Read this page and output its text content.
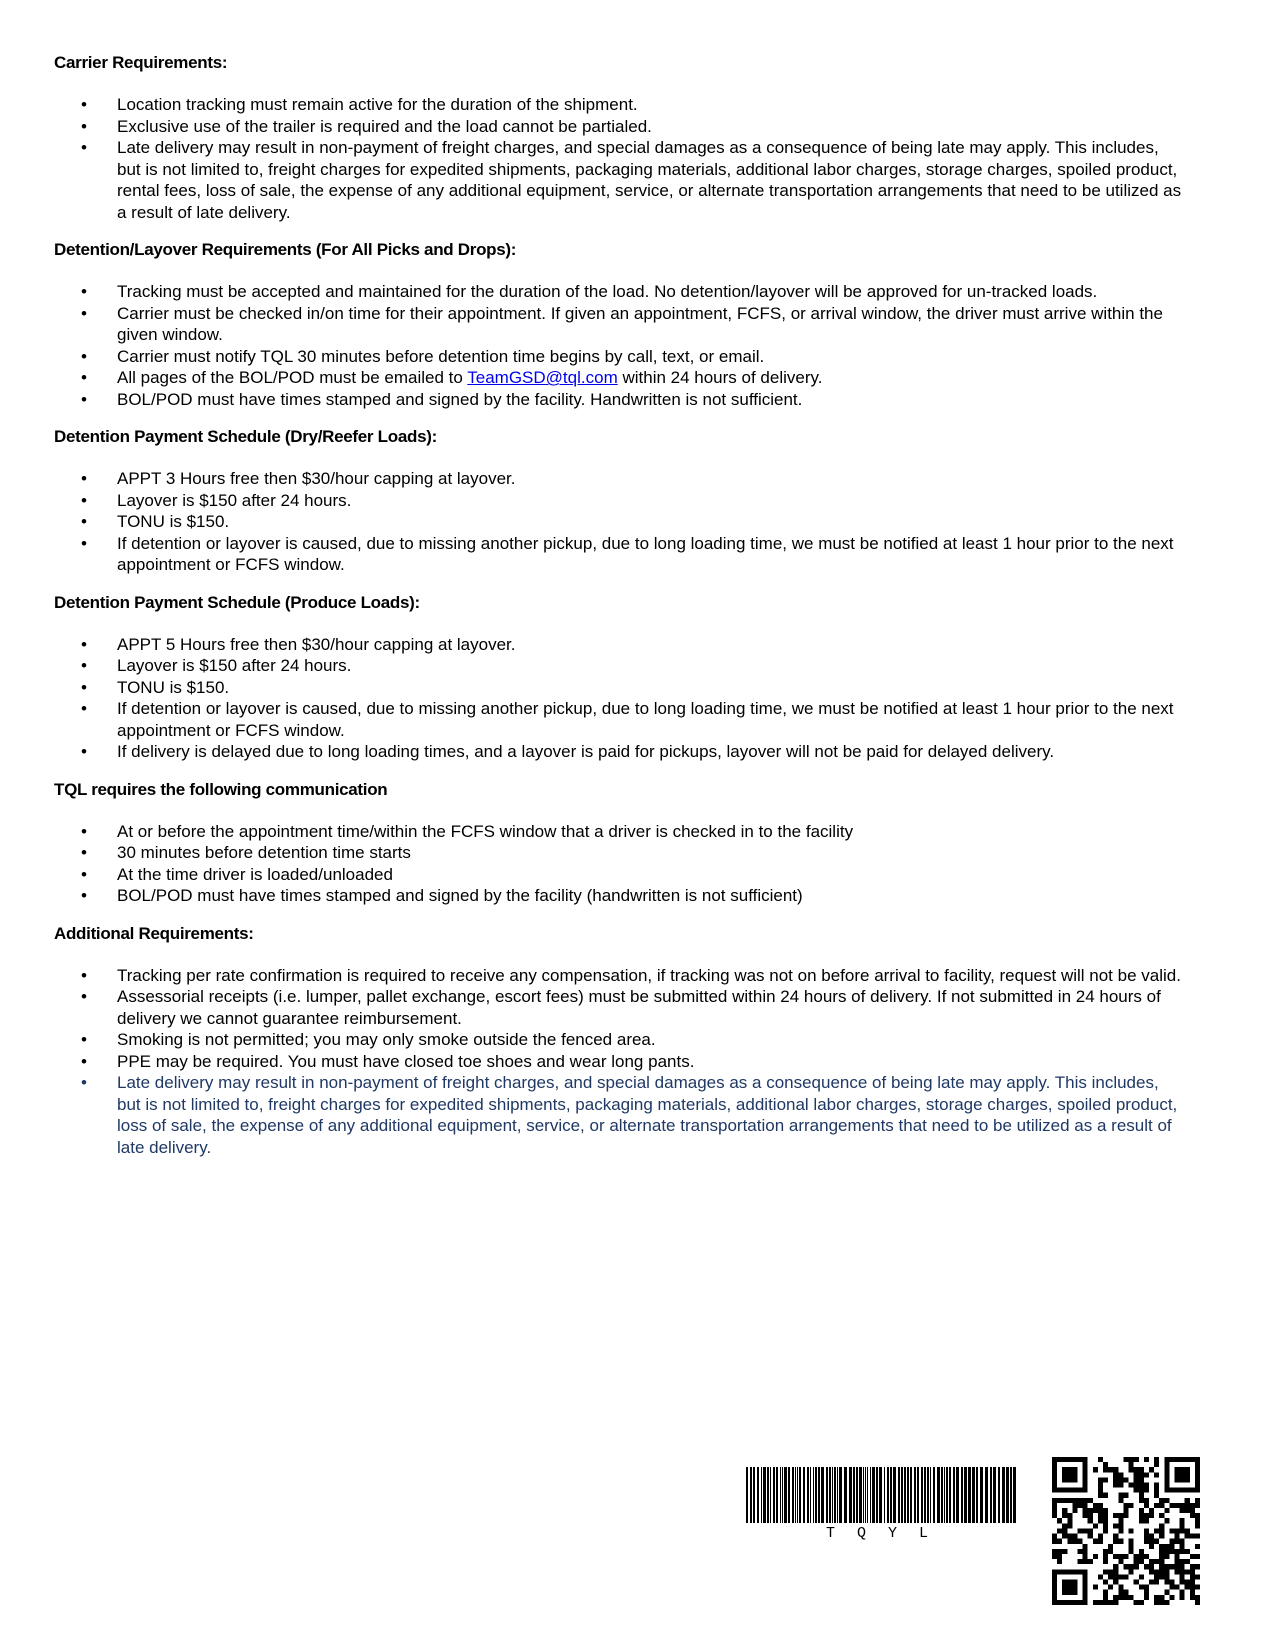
Carrier Requirements:
• Location tracking must remain active for the duration of the shipment.
• Exclusive use of the trailer is required and the load cannot be partialed.
• Late delivery may result in non-payment of freight charges, and special damages as a consequence of being late may apply. This includes, but is not limited to, freight charges for expedited shipments, packaging materials, additional labor charges, storage charges, spoiled product, rental fees, loss of sale, the expense of any additional equipment, service, or alternate transportation arrangements that need to be utilized as a result of late delivery.
Detention/Layover Requirements (For All Picks and Drops):
• Tracking must be accepted and maintained for the duration of the load. No detention/layover will be approved for un-tracked loads.
• Carrier must be checked in/on time for their appointment. If given an appointment, FCFS, or arrival window, the driver must arrive within the given window.
• Carrier must notify TQL 30 minutes before detention time begins by call, text, or email.
• All pages of the BOL/POD must be emailed to TeamGSD@tql.com within 24 hours of delivery.
• BOL/POD must have times stamped and signed by the facility. Handwritten is not sufficient.
Detention Payment Schedule (Dry/Reefer Loads):
• APPT 3 Hours free then $30/hour capping at layover.
• Layover is $150 after 24 hours.
• TONU is $150.
• If detention or layover is caused, due to missing another pickup, due to long loading time, we must be notified at least 1 hour prior to the next appointment or FCFS window.
Detention Payment Schedule (Produce Loads):
• APPT 5 Hours free then $30/hour capping at layover.
• Layover is $150 after 24 hours.
• TONU is $150.
• If detention or layover is caused, due to missing another pickup, due to long loading time, we must be notified at least 1 hour prior to the next appointment or FCFS window.
• If delivery is delayed due to long loading times, and a layover is paid for pickups, layover will not be paid for delayed delivery.
TQL requires the following communication
• At or before the appointment time/within the FCFS window that a driver is checked in to the facility
• 30 minutes before detention time starts
• At the time driver is loaded/unloaded
• BOL/POD must have times stamped and signed by the facility (handwritten is not sufficient)
Additional Requirements:
• Tracking per rate confirmation is required to receive any compensation, if tracking was not on before arrival to facility, request will not be valid.
• Assessorial receipts (i.e. lumper, pallet exchange, escort fees) must be submitted within 24 hours of delivery. If not submitted in 24 hours of delivery we cannot guarantee reimbursement.
• Smoking is not permitted; you may only smoke outside the fenced area.
• PPE may be required. You must have closed toe shoes and wear long pants.
• Late delivery may result in non-payment of freight charges, and special damages as a consequence of being late may apply. This includes, but is not limited to, freight charges for expedited shipments, packaging materials, additional labor charges, storage charges, spoiled product, loss of sale, the expense of any additional equipment, service, or alternate transportation arrangements that need to be utilized as a result of late delivery.
TQYL
